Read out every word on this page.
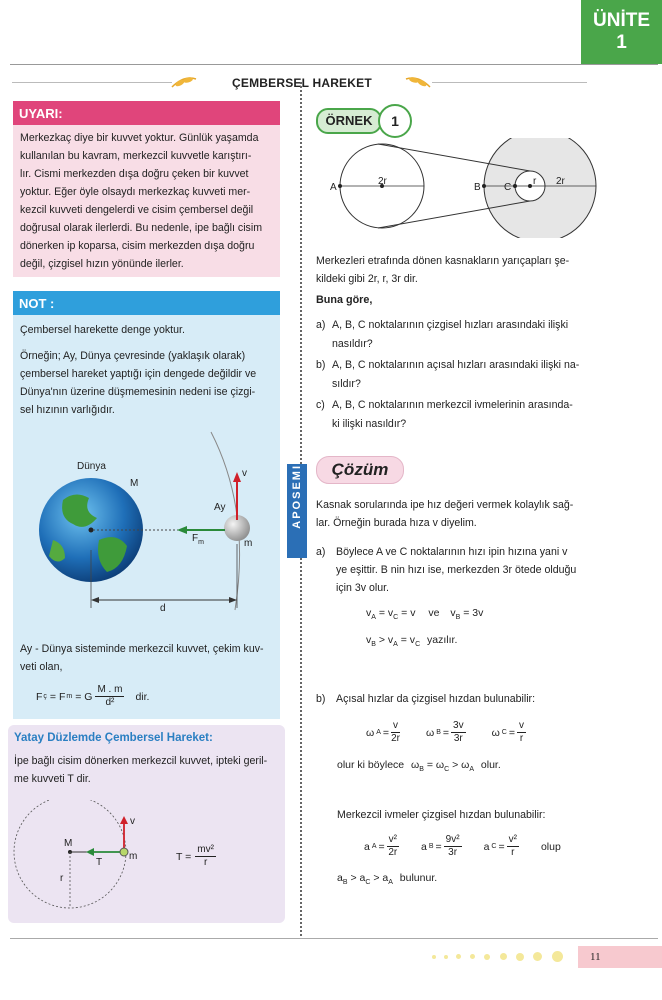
ÜNİTE
1
ÇEMBERSEL HAREKET
APOSEMI
UYARI:
Merkezkaç diye bir kuvvet yoktur. Günlük yaşamda
kullanılan bu kavram, merkezcil kuvvetle karıştırı-
lır. Cismi merkezden dışa doğru çeken bir kuvvet
yoktur. Eğer öyle olsaydı merkezkaç kuvveti mer-
kezcil kuvveti dengelerdi ve cisim çembersel değil
doğrusal olarak ilerlerdi. Bu nedenle, ipe bağlı cisim
dönerken ip koparsa, cisim merkezden dışa doğru
değil, çizgisel hızın yönünde ilerler.
NOT :
Çembersel harekette denge yoktur.
Örneğin; Ay, Dünya çevresinde (yaklaşık olarak)
çembersel hareket yaptığı için dengede değildir ve
Dünya'nın üzerine düşmemesinin nedeni ise çizgi-
sel hızının varlığıdır.
Dünya
M
Ay
v
$F_m$	m
d
Ay - Dünya sisteminde merkezcil kuvvet, çekim kuv-
veti olan,
F ç = F m = G $\frac{M . m}{\text{d²}}$ dir.
Yatay Düzlemde Çembersel Hareket:
İpe bağlı cisim dönerken merkezcil kuvvet, ipteki geril-
me kuvveti T dir.
M
T
m
v
r
$T = \frac{\text{mv²}}{r}$
ÖRNEK	1
A
2r
B C
r 2r
Merkezleri etrafında dönen kasnakların yarıçapları şe-
kildeki gibi 2r, r, 3r dir.
Buna göre,
a) A, B, C noktalarının çizgisel hızları arasındaki ilişki
nasıldır?
b) A, B, C noktalarının açısal hızları arasındaki ilişki na-
sıldır?
c) A, B, C noktalarının merkezcil ivmelerinin arasında-
ki ilişki nasıldır?
Çözüm
Kasnak sorularında ipe hız değeri vermek kolaylık sağ-
lar. Örneğin burada hıza v diyelim.
a) Böylece A ve C noktalarının hızı ipin hızına yani v
ye eşittir. B nin hızı ise, merkezden 3r ötede olduğu
için 3v olur.
$v_A = v_C = v$ ve $v_B = 3v$
$v_B > v_A = v_C$ yazılır.
b) Açısal hızlar da çizgisel hızdan bulunabilir:
ω $A = \frac{v}{2r}$ ω $B = \frac{3v}{3r}$ ω $C = \frac{v}{r}$
olur ki böylece $\omega_B = \omega_C > \omega_A$ olur.
Merkezcil ivmeler çizgisel hızdan bulunabilir:
a $A = \frac{\text{v²}}{2r}$ a $B = \frac{\text{9v²}}{3r}$ a $C = \frac{\text{v²}}{r}$ olup
$a_B > a_C > a_A$ bulunur.
11
